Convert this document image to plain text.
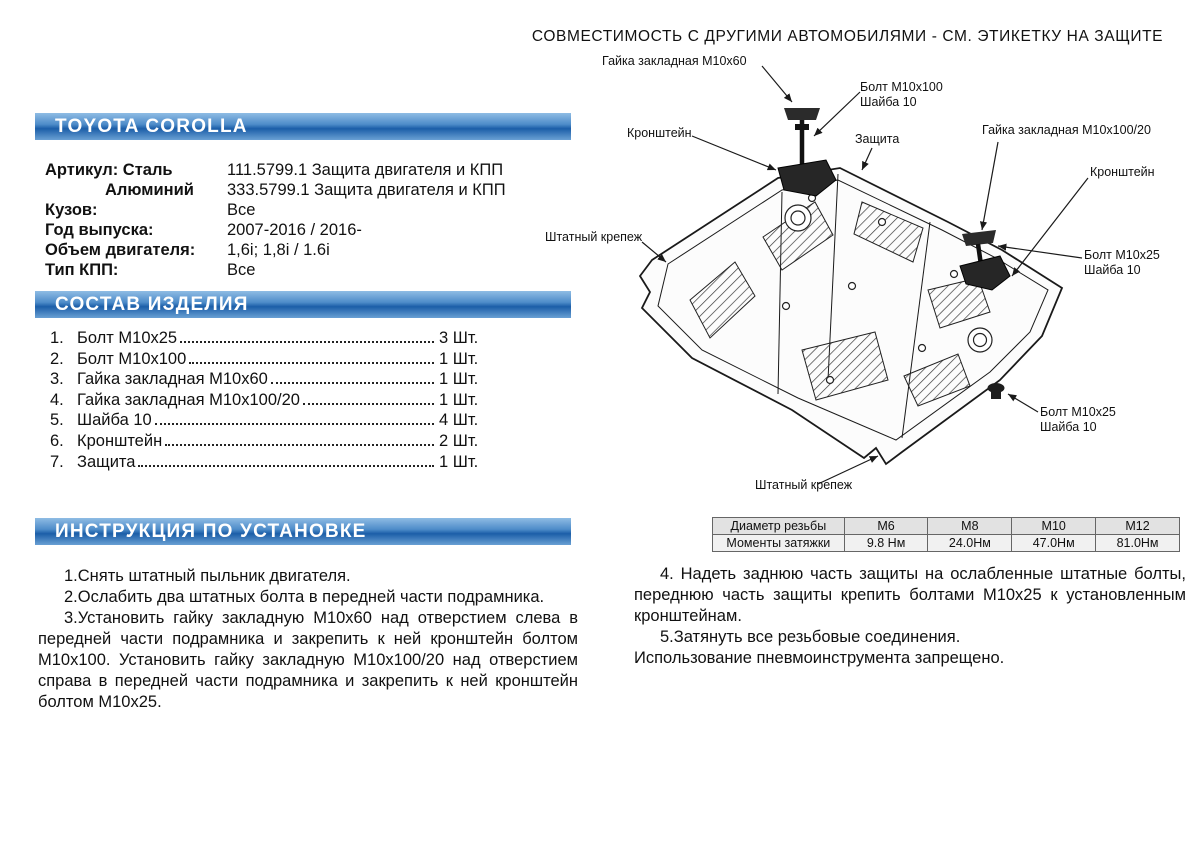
СОВМЕСТИМОСТЬ С ДРУГИМИ АВТОМОБИЛЯМИ - СМ. ЭТИКЕТКУ НА ЗАЩИТЕ
TOYOTA COROLLA
Артикул: Сталь	111.5799.1 Защита двигателя и КПП
Алюминий	333.5799.1 Защита двигателя и КПП
Кузов:	Все
Год выпуска:	2007-2016 / 2016-
Объем двигателя:	1,6i; 1,8i / 1.6i
Тип КПП:	Все
СОСТАВ ИЗДЕЛИЯ
1. Болт М10х25	3 Шт.
2. Болт М10х100	1 Шт.
3. Гайка закладная М10х60	1 Шт.
4. Гайка закладная М10х100/20	1 Шт.
5. Шайба 10	4 Шт.
6. Кронштейн	2 Шт.
7. Защита	1 Шт.
ИНСТРУКЦИЯ ПО УСТАНОВКЕ
1.Снять штатный пыльник двигателя.
2.Ослабить два штатных болта в передней части подрамника.
3.Установить гайку закладную М10х60 над отверстием слева в передней части подрамника и закрепить к ней кронштейн болтом М10х100. Установить гайку закладную М10х100/20 над отверстием справа в передней части подрамника и закрепить к ней кронштейн болтом М10х25.
4. Надеть заднюю часть защиты на ослабленные штатные болты, переднюю часть защиты крепить болтами М10х25 к установленным кронштейнам.
5.Затянуть все резьбовые соединения.
Использование пневмоинструмента запрещено.
Диаметр резьбы	М6	М8	М10	М12
Моменты затяжки	9.8 Нм	24.0Нм	47.0Нм	81.0Нм
Гайка закладная М10х60
Болт М10х100
Шайба 10
Кронштейн	Защита
Гайка закладная М10х100/20
Кронштейн
Штатный крепеж
Болт М10х25
Шайба 10
Болт М10х25
Шайба 10
Штатный крепеж
